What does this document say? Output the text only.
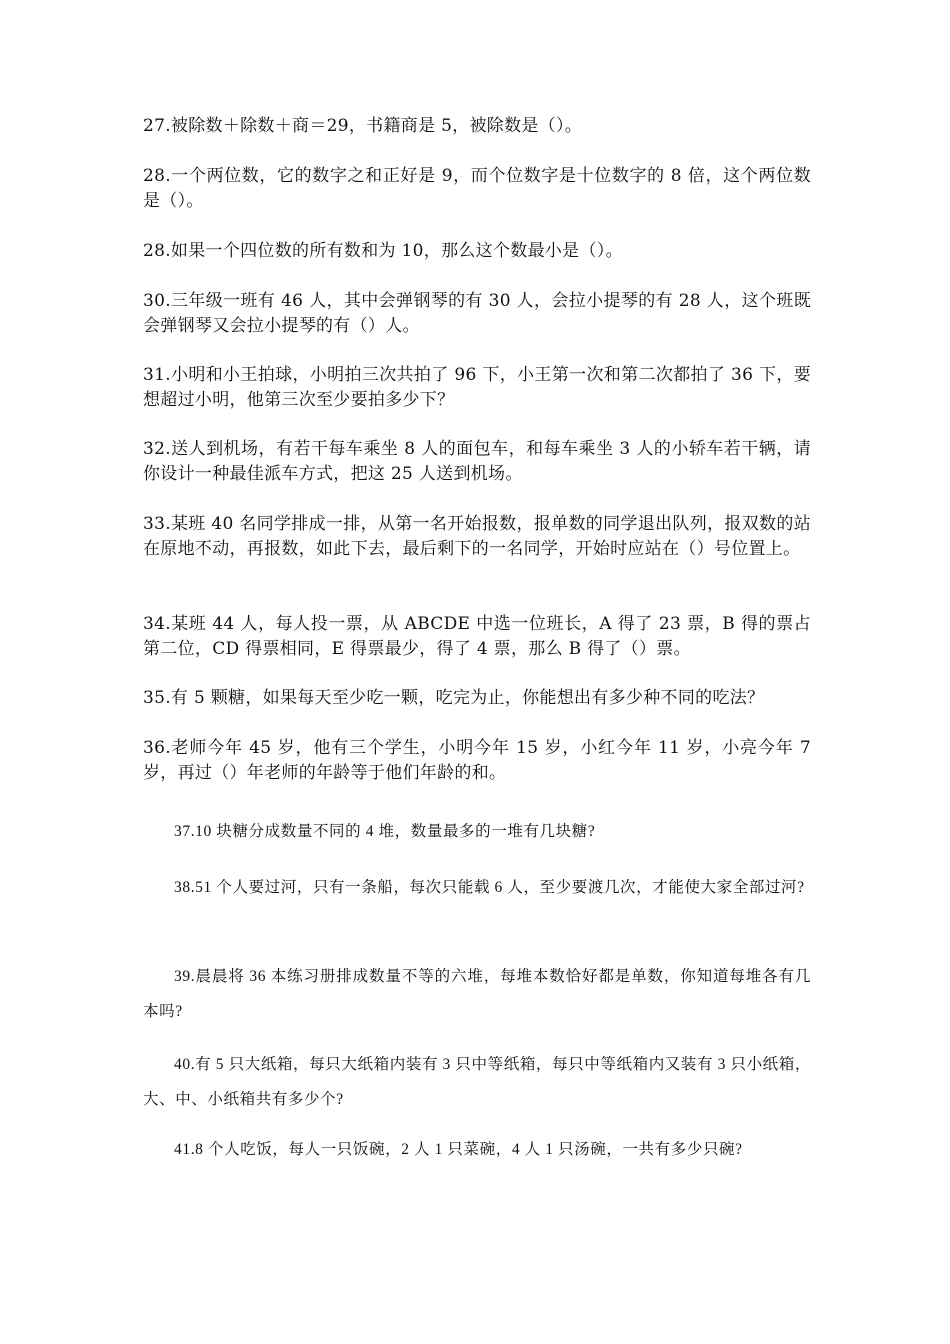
27.被除数＋除数＋商＝29，书籍商是 5，被除数是（）。

28.一个两位数，它的数字之和正好是 9，而个位数字是十位数字的 8 倍，这个两位数是（）。

28.如果一个四位数的所有数和为 10，那么这个数最小是（）。

30.三年级一班有 46 人，其中会弹钢琴的有 30 人，会拉小提琴的有 28 人，这个班既会弹钢琴又会拉小提琴的有（）人。

31.小明和小王拍球，小明拍三次共拍了 96 下，小王第一次和第二次都拍了 36 下，要想超过小明，他第三次至少要拍多少下？

32.送人到机场，有若干每车乘坐 8 人的面包车，和每车乘坐 3 人的小轿车若干辆，请你设计一种最佳派车方式，把这 25 人送到机场。

33.某班 40 名同学排成一排，从第一名开始报数，报单数的同学退出队列，报双数的站在原地不动，再报数，如此下去，最后剩下的一名同学，开始时应站在（）号位置上。

34.某班 44 人，每人投一票，从 ABCDE 中选一位班长，A 得了 23 票，B 得的票占第二位，CD 得票相同，E 得票最少，得了 4 票，那么 B 得了（）票。

35.有 5 颗糖，如果每天至少吃一颗，吃完为止，你能想出有多少种不同的吃法？

36.老师今年 45 岁，他有三个学生，小明今年 15 岁，小红今年 11 岁，小亮今年 7 岁，再过（）年老师的年龄等于他们年龄的和。

37.10 块糖分成数量不同的 4 堆，数量最多的一堆有几块糖?

38.51 个人要过河，只有一条船，每次只能载 6 人，至少要渡几次，才能使大家全部过河?

39.晨晨将 36 本练习册排成数量不等的六堆，每堆本数恰好都是单数，你知道每堆各有几本吗?

40.有 5 只大纸箱，每只大纸箱内装有 3 只中等纸箱，每只中等纸箱内又装有 3 只小纸箱，大、中、小纸箱共有多少个?

41.8 个人吃饭，每人一只饭碗，2 人 1 只菜碗，4 人 1 只汤碗，一共有多少只碗?
